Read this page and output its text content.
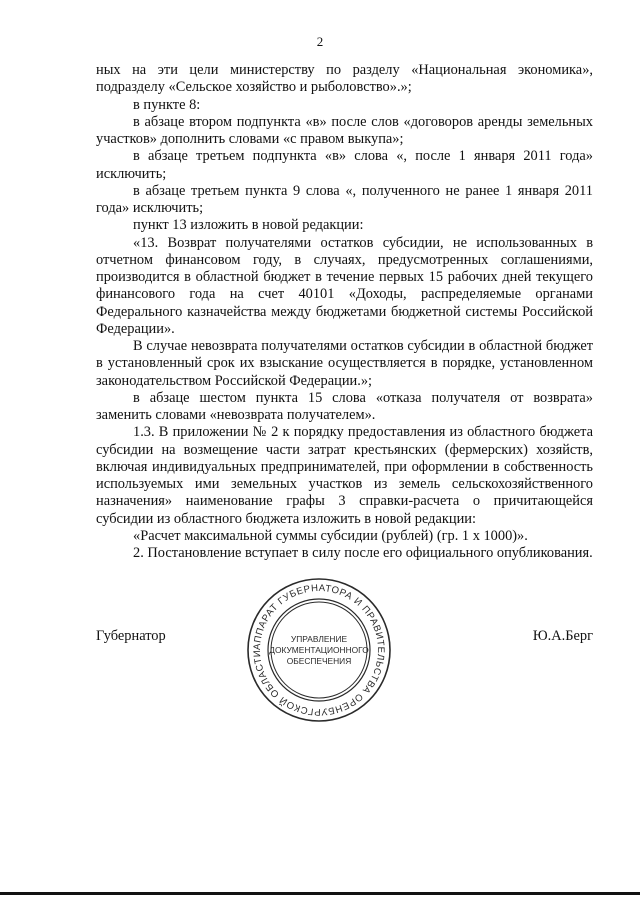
2

ных на эти цели министерству по разделу «Национальная экономика», подразделу «Сельское хозяйство и рыболовство».»;

в пункте 8:

в абзаце втором подпункта «в» после слов «договоров аренды земельных участков» дополнить словами «с правом выкупа»;

в абзаце третьем подпункта «в» слова «, после 1 января 2011 года» исключить;

в абзаце третьем пункта 9 слова «, полученного не ранее 1 января 2011 года» исключить;

пункт 13 изложить в новой редакции:

«13. Возврат получателями остатков субсидии, не использованных в отчетном финансовом году, в случаях, предусмотренных соглашениями, производится в областной бюджет в течение первых 15 рабочих дней текущего финансового года на счет 40101 «Доходы, распределяемые органами Федерального казначейства между бюджетами бюджетной системы Российской Федерации».

В случае невозврата получателями остатков субсидии в областной бюджет в установленный срок их взыскание осуществляется в порядке, установленном законодательством Российской Федерации.»;

в абзаце шестом пункта 15 слова «отказа получателя от возврата» заменить словами «невозврата получателем».

1.3. В приложении № 2 к порядку предоставления из областного бюджета субсидии на возмещение части затрат крестьянских (фермерских) хозяйств, включая индивидуальных предпринимателей, при оформлении в собственность используемых ими земельных участков из земель сельскохозяйственного назначения» наименование графы 3 справки-расчета о причитающейся субсидии из областного бюджета изложить в новой редакции:

«Расчет максимальной суммы субсидии (рублей) (гр. 1 х 1000)».

2. Постановление вступает в силу после его официального опубликования.

Губернатор	Ю.А.Берг
АППАРАТ ГУБЕРНАТОРА И ПРАВИТЕЛЬСТВА ОРЕНБУРГСКОЙ ОБЛАСТИ
УПРАВЛЕНИЕ
ДОКУМЕНТАЦИОННОГО
ОБЕСПЕЧЕНИЯ
